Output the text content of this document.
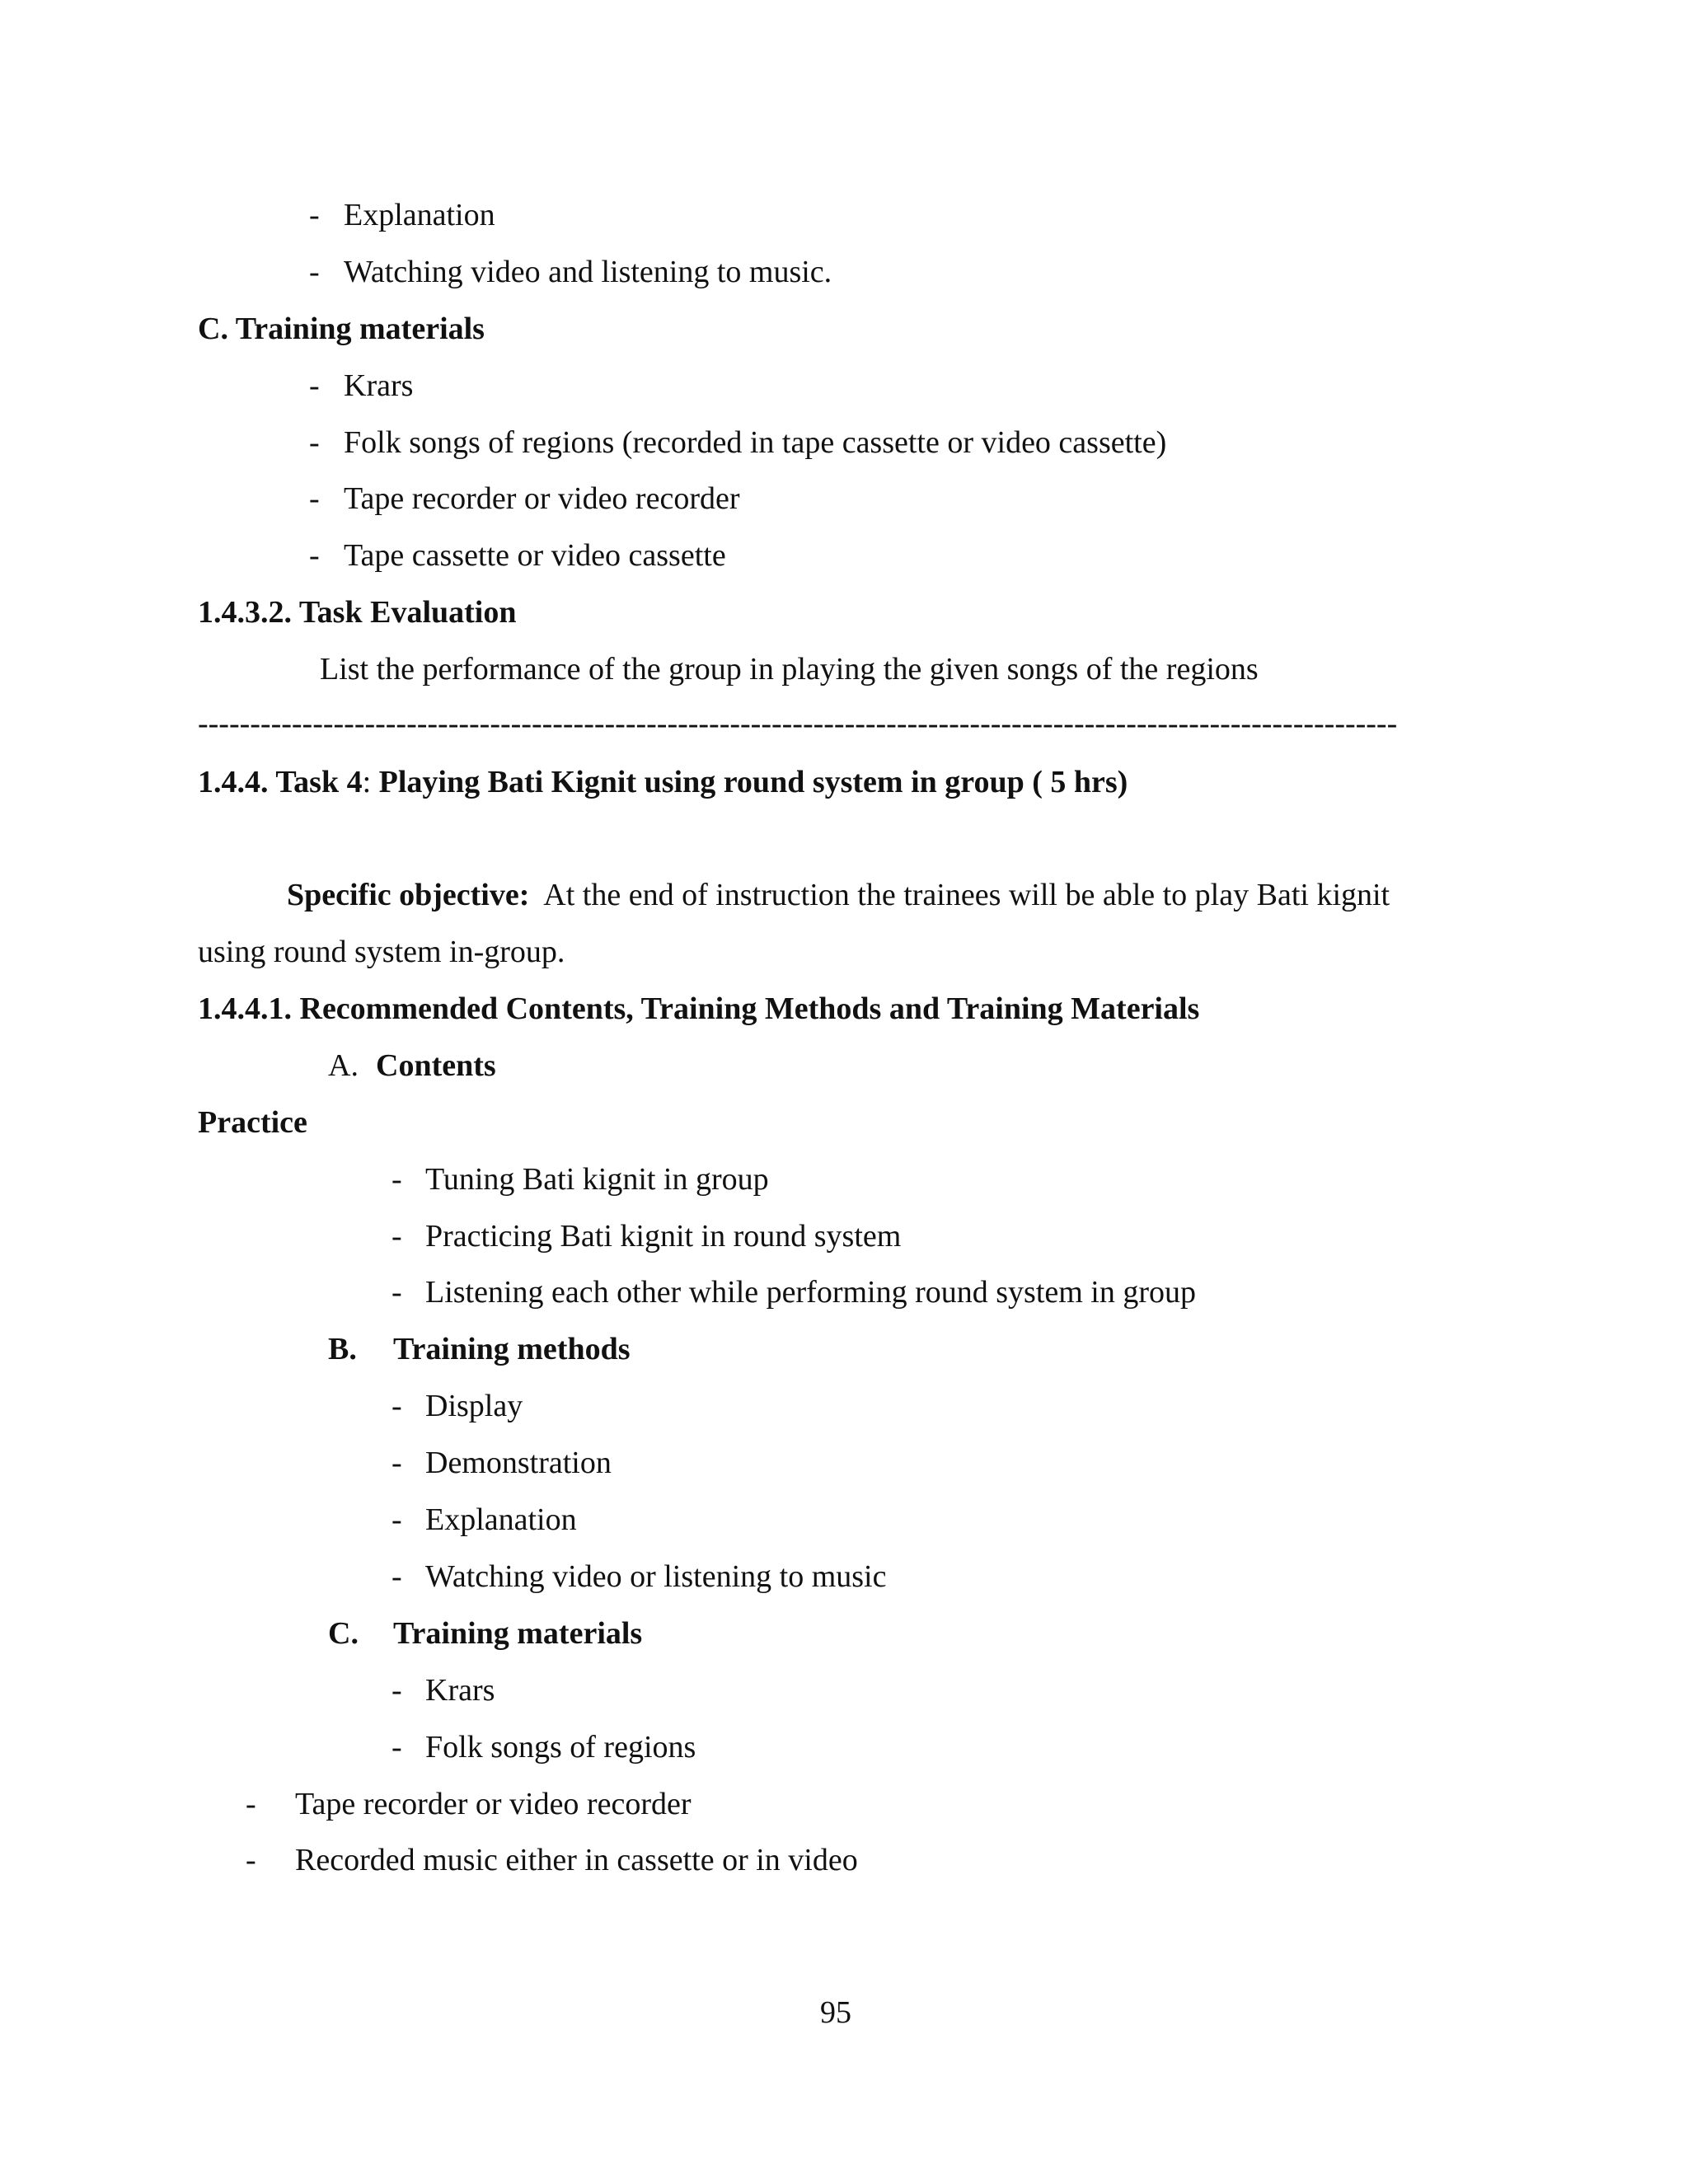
- Explanation
- Watching video and listening to music.
C. Training materials
- Krars
- Folk songs of regions (recorded in tape cassette or video cassette)
- Tape recorder or video recorder
- Tape cassette or video cassette
1.4.3.2. Task Evaluation
List the performance of the group in playing the given songs of the regions
-------------------------------------------------------------------------------------------------------------------
1.4.4. Task 4: Playing Bati Kignit using round system in group ( 5 hrs)
Specific objective:  At the end of instruction the trainees will be able to play Bati kignit
using round system in-group.
1.4.4.1. Recommended Contents, Training Methods and Training Materials
A. Contents
Practice
- Tuning Bati kignit in group
- Practicing Bati kignit in round system
- Listening each other while performing round system in group
B. Training methods
- Display
- Demonstration
- Explanation
- Watching video or listening to music
C. Training materials
- Krars
- Folk songs of regions
- Tape recorder or video recorder
- Recorded music either in cassette or in video
95
